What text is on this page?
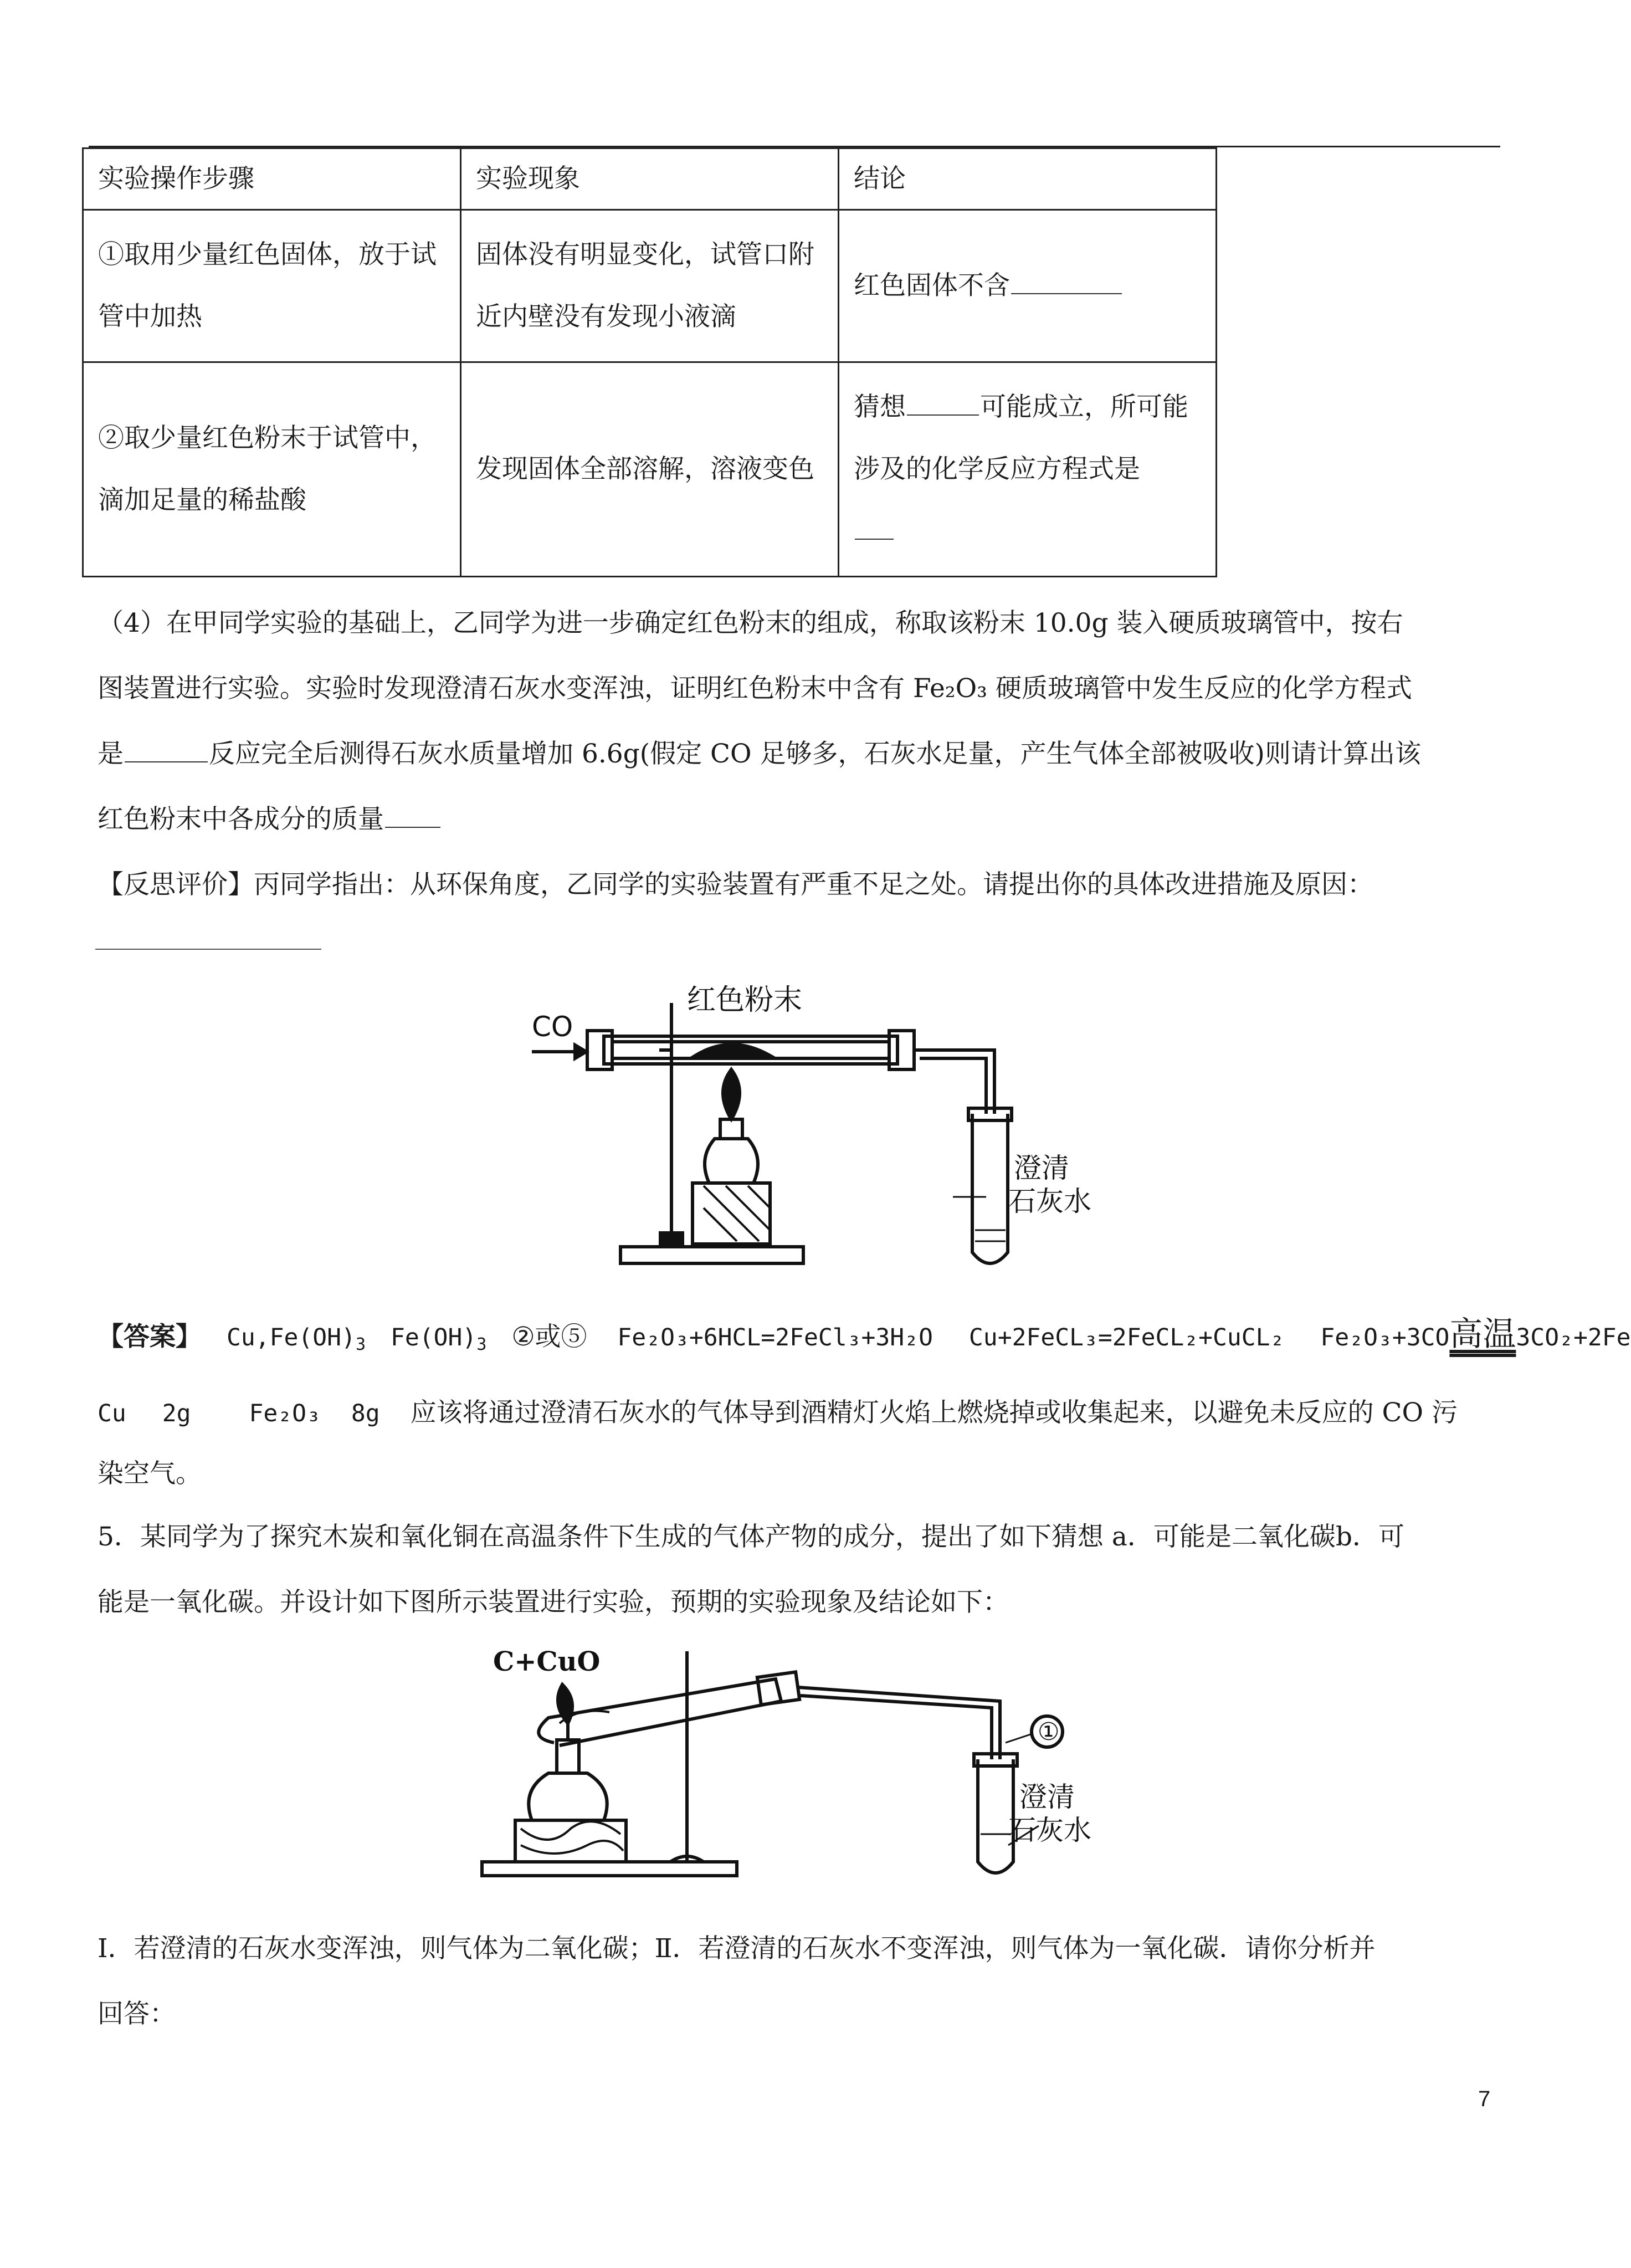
实验操作步骤	实验现象	结论
①取用少量红色固体，放于试管中加热	固体没有明显变化，试管口附近内壁没有发现小液滴	红色固体不含
②取少量红色粉末于试管中，滴加足量的稀盐酸	发现固体全部溶解，溶液变色	猜想 可能成立，所可能涉及的化学反应方程式是

（4）在甲同学实验的基础上，乙同学为进一步确定红色粉末的组成，称取该粉末 10.0g 装入硬质玻璃管中，按右

图装置进行实验。实验时发现澄清石灰水变浑浊，证明红色粉末中含有 Fe₂O₃ 硬质玻璃管中发生反应的化学方程式

是	反应完全后测得石灰水质量增加 6.6g(假定 CO 足够多，石灰水足量，产生气体全部被吸收)则请计算出该

红色粉末中各成分的质量

【反思评价】丙同学指出：从环保角度，乙同学的实验装置有严重不足之处。请提出你的具体改进措施及原因：

红色粉末
CO
澄清
石灰水
【答案】 $Cu,Fe(OH)_3$ $Fe(OH)_3$ ②或⑤ Fe₂O₃+6HCL=2FeCl₃+3H₂O Cu+2FeCL₃=2FeCL₂+CuCL₂ Fe₂O₃+3CO高温3CO₂+2Fe
Cu 2g Fe₂O₃ 8g 应该将通过澄清石灰水的气体导到酒精灯火焰上燃烧掉或收集起来，以避免未反应的 CO 污
染空气。

5．某同学为了探究木炭和氧化铜在高温条件下生成的气体产物的成分，提出了如下猜想 a．可能是二氧化碳b．可

能是一氧化碳。并设计如下图所示装置进行实验，预期的实验现象及结论如下：

C+CuO
①
澄清
石灰水

Ⅰ．若澄清的石灰水变浑浊，则气体为二氧化碳；Ⅱ．若澄清的石灰水不变浑浊，则气体为一氧化碳．请你分析并

回答：

7
